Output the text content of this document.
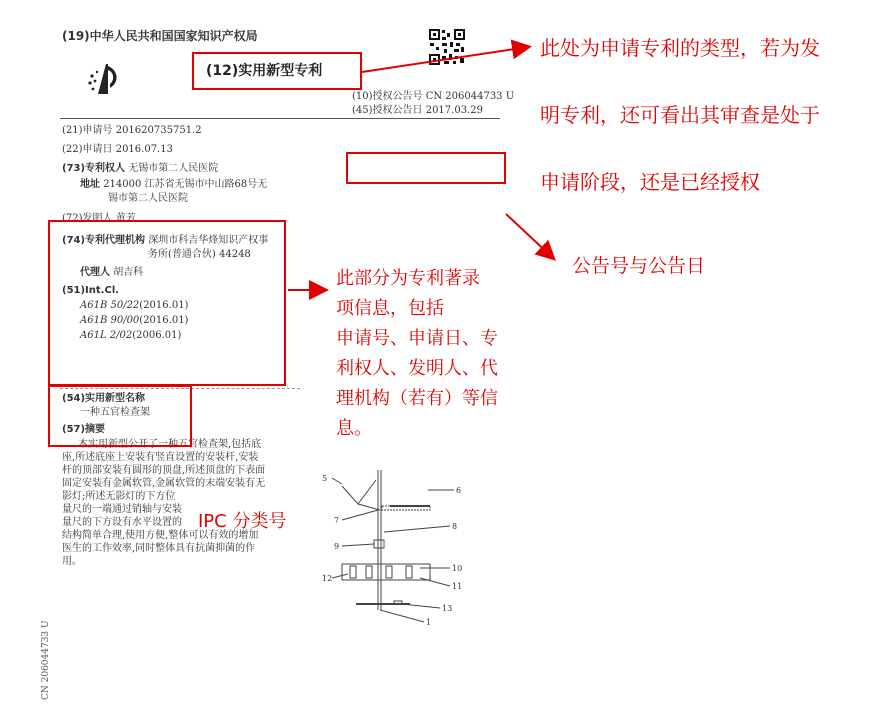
(19)中华人民共和国国家知识产权局
(12)实用新型专利
(10)授权公告号 CN 206044733 U
(45)授权公告日 2017.03.29
(21)申请号 201620735751.2
(22)申请日 2016.07.13
(73)专利权人 无锡市第二人民医院
地址 214000 江苏省无锡市中山路68号无
锡市第二人民医院
(72)发明人 黄芳
(74)专利代理机构 深圳市科吉华烽知识产权事
务所(普通合伙) 44248
代理人 胡吉科
(51)Int.Cl.
A61B 50/22(2016.01)
A61B 90/00(2016.01)
A61L 2/02(2006.01)
(54)实用新型名称
一种五官检查架
(57)摘要
本实用新型公开了一种五官检查架,包括底
座,所述底座上安装有竖直设置的安装杆,安装
杆的顶部安装有圆形的顶盘,所述顶盘的下表面
固定安装有金属软管,金属软管的末端安装有无
影灯;所述无影灯的下方位
量尺的一端通过销轴与安装
量尺的下方设有水平设置的
结构简单合理,使用方便,整体可以有效的增加
医生的工作效率,同时整体具有抗菌抑菌的作
用。
CN 206044733 U
5
6
7
8
9
10
11
12
13
1
此处为申请专利的类型，若为发
明专利，还可看出其审查是处于
申请阶段，还是已经授权
公告号与公告日
此部分为专利著录
项信息，包括
申请号、申请日、专
利权人、发明人、代
理机构（若有）等信
息。
IPC 分类号
